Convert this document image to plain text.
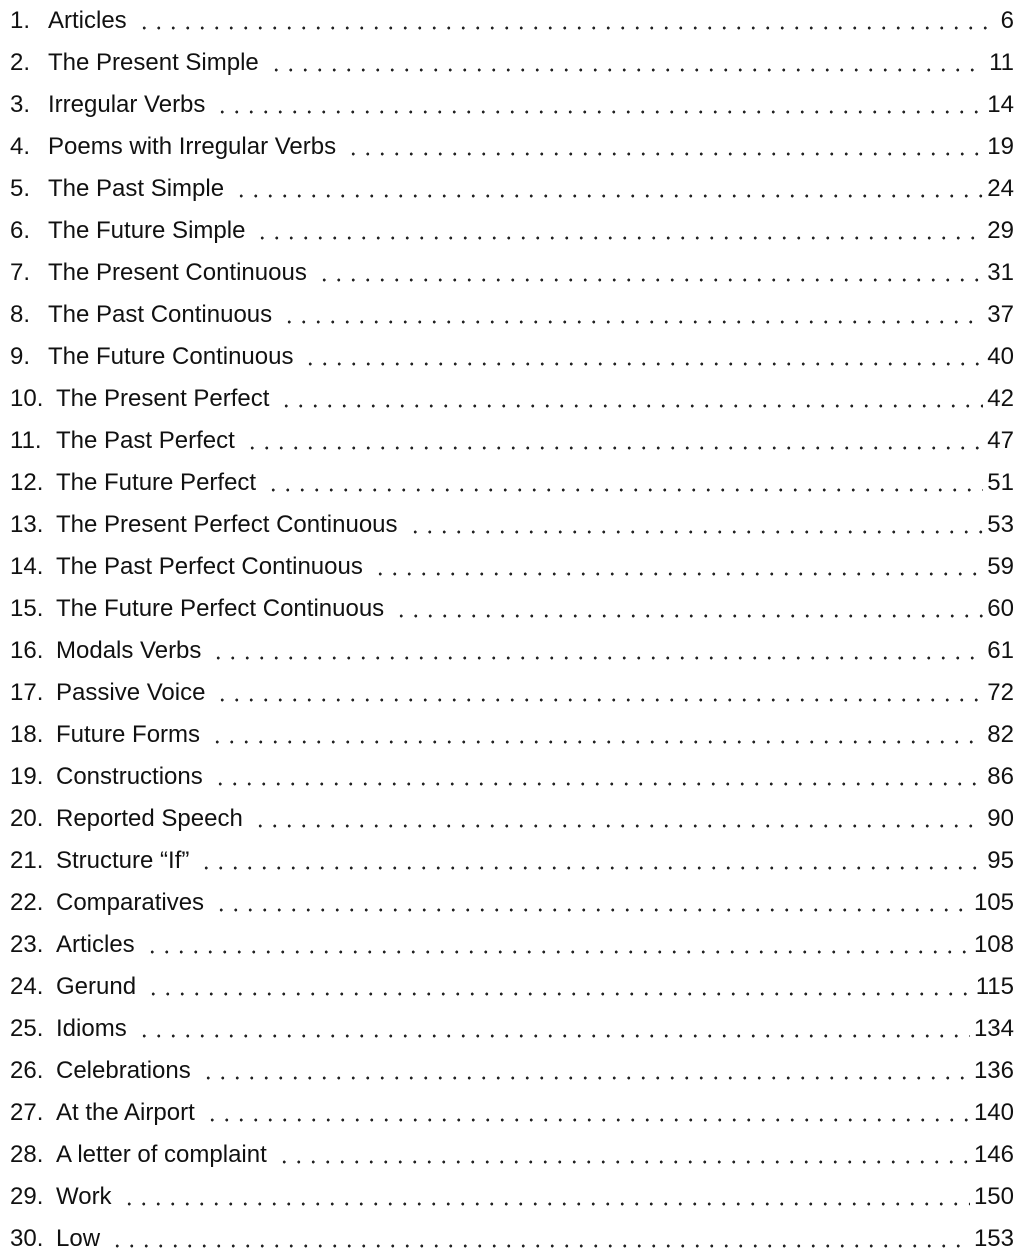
1. Articles	6
2. The Present Simple	11
3. Irregular Verbs	14
4. Poems with Irregular Verbs	19
5. The Past Simple	24
6. The Future Simple	29
7. The Present Continuous	31
8. The Past Continuous	37
9. The Future Continuous	40
10. The Present Perfect	42
11. The Past Perfect	47
12. The Future Perfect	51
13. The Present Perfect Continuous	53
14. The Past Perfect Continuous	59
15. The Future Perfect Continuous	60
16. Modals Verbs	61
17. Passive Voice	72
18. Future Forms	82
19. Constructions	86
20. Reported Speech	90
21. Structure “If”	95
22. Comparatives	105
23. Articles	108
24. Gerund	115
25. Idioms	134
26. Celebrations	136
27. At the Airport	140
28. A letter of complaint	146
29. Work	150
30. Low	153
